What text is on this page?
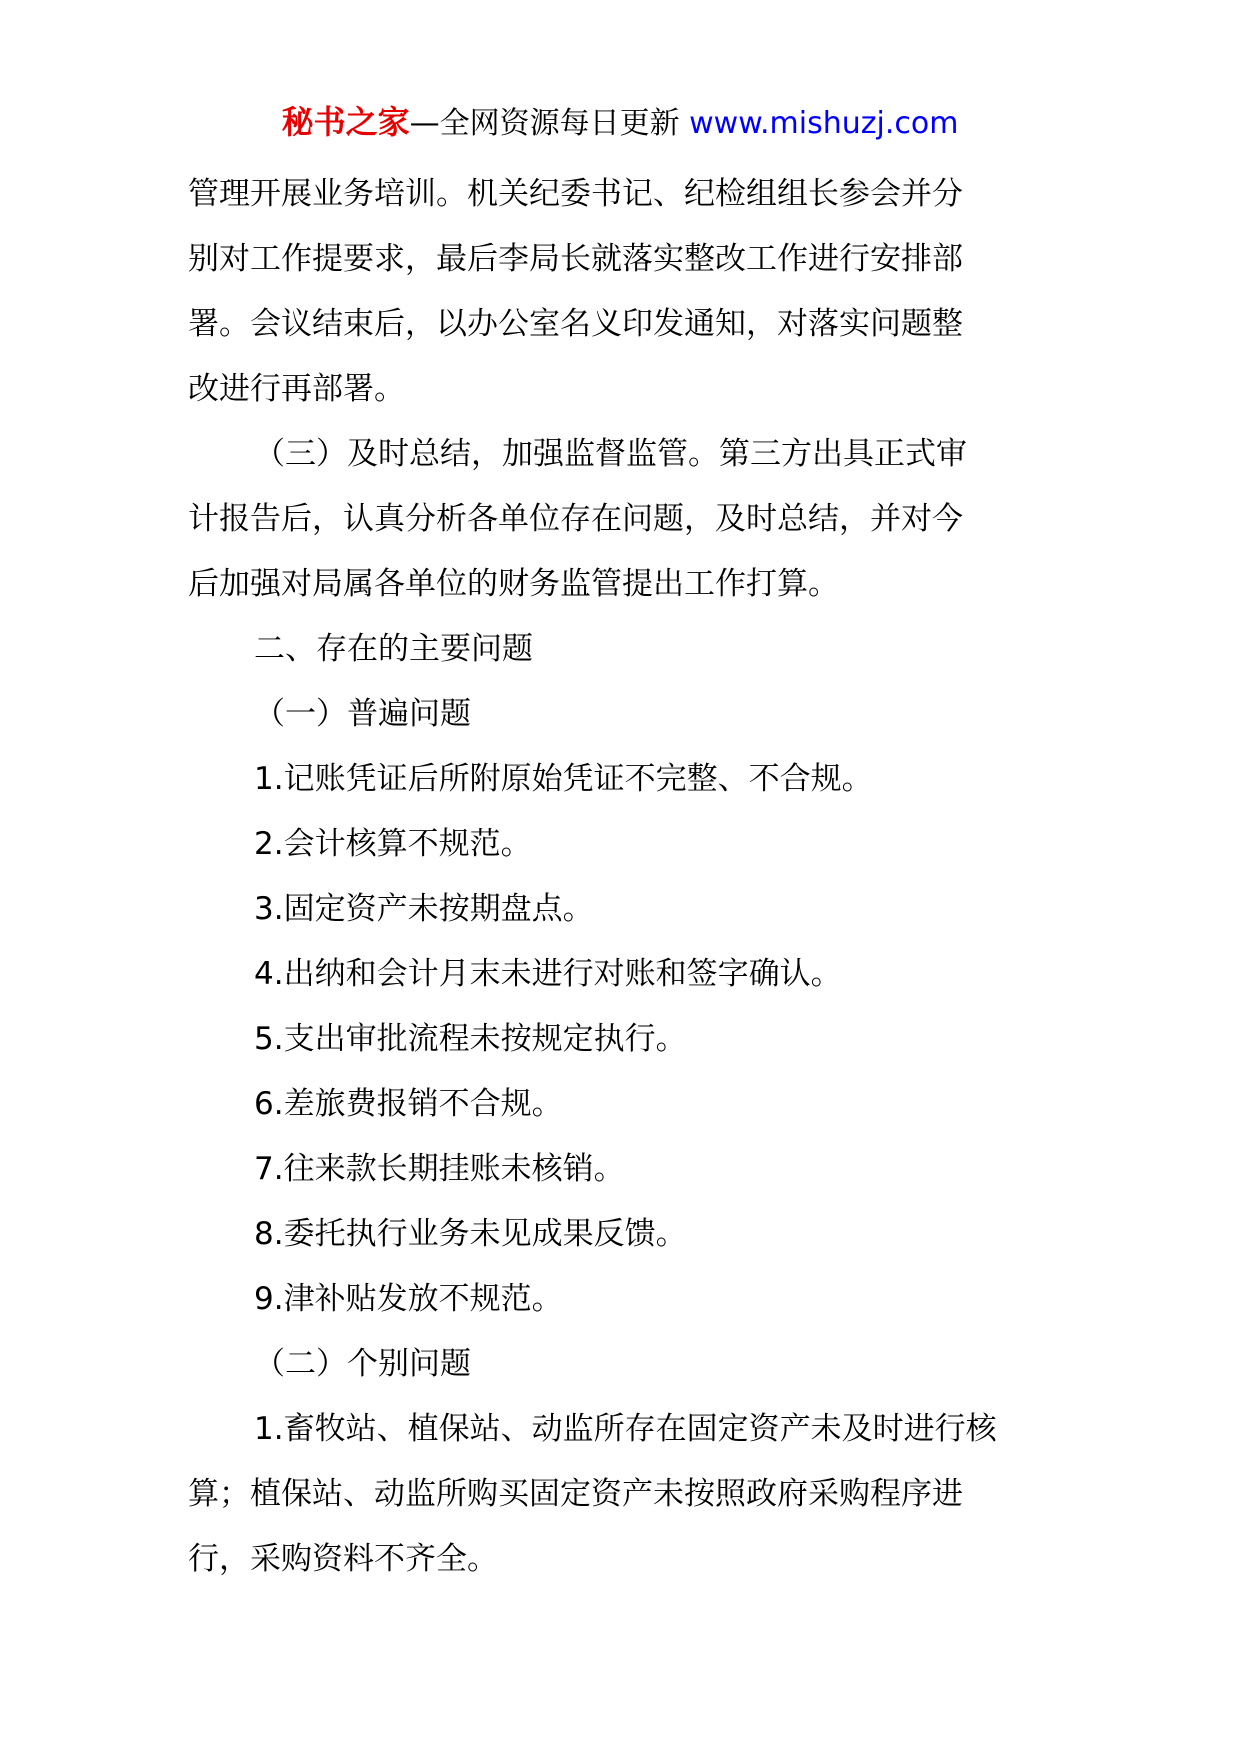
秘书之家—全网资源每日更新 www.mishuzj.com

管理开展业务培训。机关纪委书记、纪检组组长参会并分

别对工作提要求，最后李局长就落实整改工作进行安排部

署。会议结束后，以办公室名义印发通知，对落实问题整

改进行再部署。

（三）及时总结，加强监督监管。第三方出具正式审

计报告后，认真分析各单位存在问题，及时总结，并对今

后加强对局属各单位的财务监管提出工作打算。

二、存在的主要问题

（一）普遍问题

1.记账凭证后所附原始凭证不完整、不合规。

2.会计核算不规范。

3.固定资产未按期盘点。

4.出纳和会计月末未进行对账和签字确认。

5.支出审批流程未按规定执行。

6.差旅费报销不合规。

7.往来款长期挂账未核销。

8.委托执行业务未见成果反馈。

9.津补贴发放不规范。

（二）个别问题

1.畜牧站、植保站、动监所存在固定资产未及时进行核

算；植保站、动监所购买固定资产未按照政府采购程序进

行，采购资料不齐全。
